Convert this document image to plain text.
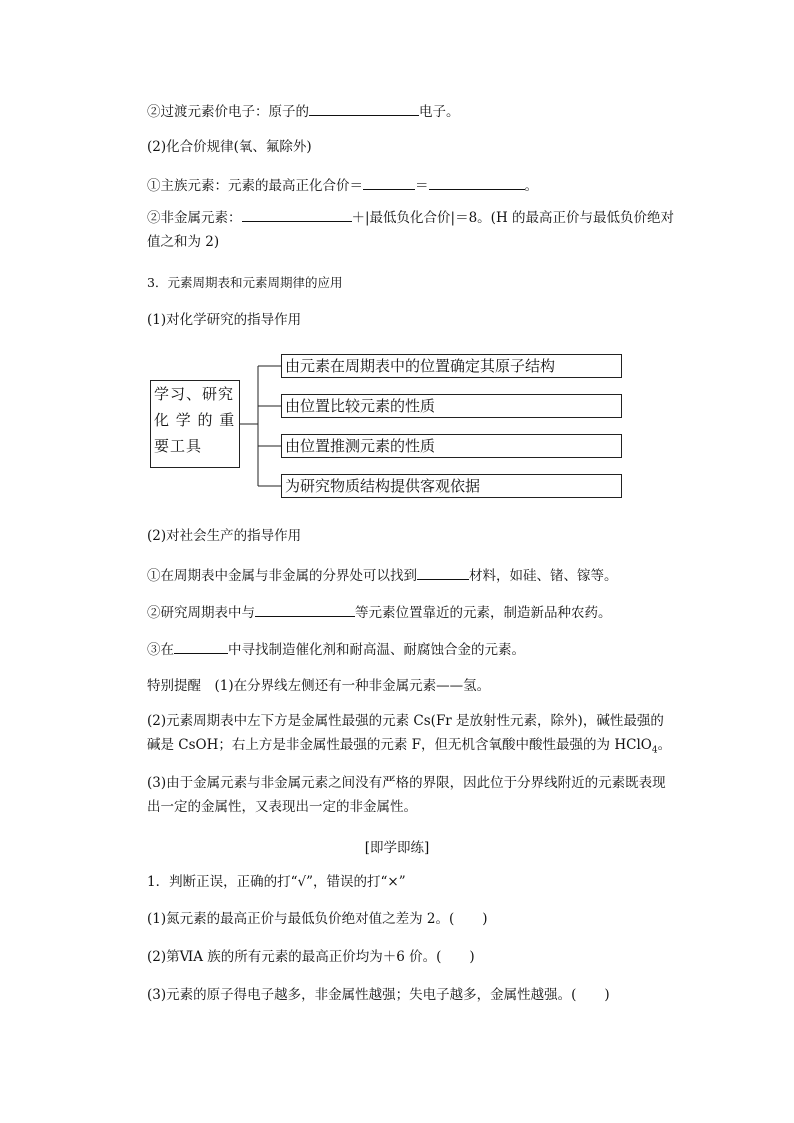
②过渡元素价电子：原子的	电子。
(2)化合价规律(氧、氟除外)
①主族元素：元素的最高正化合价＝	＝	。
②非金属元素：	＋|最低负化合价|＝8。(H 的最高正价与最低负价绝对值之和为 2)
3．元素周期表和元素周期律的应用
(1)对化学研究的指导作用
学习、研究
化 学 的 重
要工具
由元素在周期表中的位置确定其原子结构
由位置比较元素的性质
由位置推测元素的性质
为研究物质结构提供客观依据
(2)对社会生产的指导作用
①在周期表中金属与非金属的分界处可以找到	材料，如硅、锗、镓等。
②研究周期表中与	等元素位置靠近的元素，制造新品种农药。
③在	中寻找制造催化剂和耐高温、耐腐蚀合金的元素。
特别提醒　(1)在分界线左侧还有一种非金属元素——氢。
(2)元素周期表中左下方是金属性最强的元素 Cs(Fr 是放射性元素，除外)，碱性最强的碱是 CsOH；右上方是非金属性最强的元素 F，但无机含氧酸中酸性最强的为 HClO$_4$。
(3)由于金属元素与非金属元素之间没有严格的界限，因此位于分界线附近的元素既表现出一定的金属性，又表现出一定的非金属性。
[即学即练]
1．判断正误，正确的打“√”，错误的打“×”
(1)氮元素的最高正价与最低负价绝对值之差为 2。( )
(2)第ⅥA 族的所有元素的最高正价均为＋6 价。( )
(3)元素的原子得电子越多，非金属性越强；失电子越多，金属性越强。( )
